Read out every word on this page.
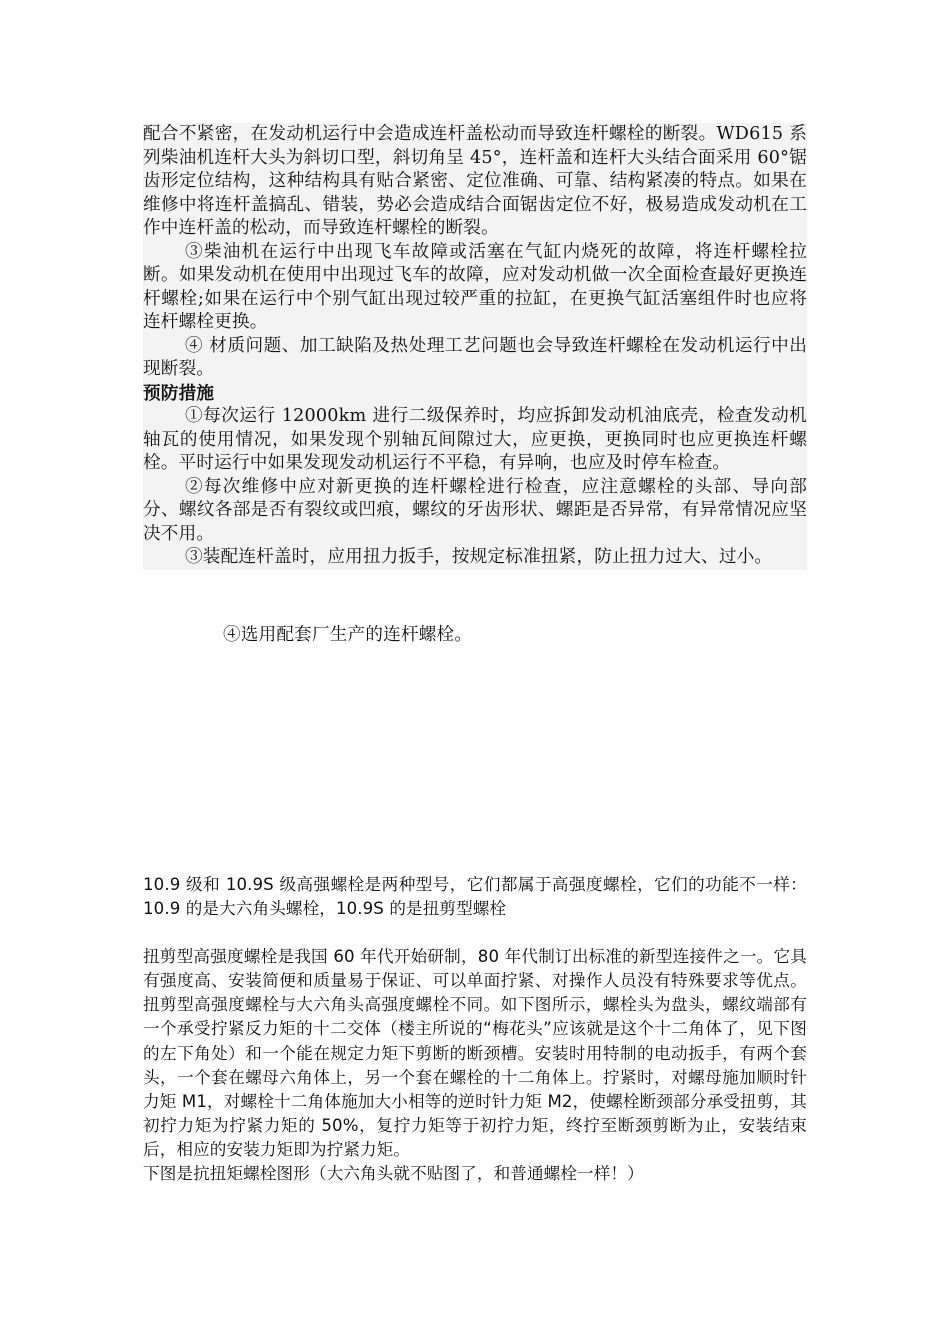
配合不紧密，在发动机运行中会造成连杆盖松动而导致连杆螺栓的断裂。WD615 系列柴油机连杆大头为斜切口型，斜切角呈 45°，连杆盖和连杆大头结合面采用 60°锯齿形定位结构，这种结构具有贴合紧密、定位准确、可靠、结构紧凑的特点。如果在维修中将连杆盖搞乱、错装，势必会造成结合面锯齿定位不好，极易造成发动机在工作中连杆盖的松动，而导致连杆螺栓的断裂。

③柴油机在运行中出现飞车故障或活塞在气缸内烧死的故障，将连杆螺栓拉断。如果发动机在使用中出现过飞车的故障，应对发动机做一次全面检查最好更换连杆螺栓;如果在运行中个别气缸出现过较严重的拉缸，在更换气缸活塞组件时也应将连杆螺栓更换。

④ 材质问题、加工缺陷及热处理工艺问题也会导致连杆螺栓在发动机运行中出现断裂。

预防措施

①每次运行 12000km 进行二级保养时，均应拆卸发动机油底壳，检查发动机轴瓦的使用情况，如果发现个别轴瓦间隙过大，应更换，更换同时也应更换连杆螺栓。平时运行中如果发现发动机运行不平稳，有异响，也应及时停车检查。

②每次维修中应对新更换的连杆螺栓进行检查，应注意螺栓的头部、导向部分、螺纹各部是否有裂纹或凹痕，螺纹的牙齿形状、螺距是否异常，有异常情况应坚决不用。

③装配连杆盖时，应用扭力扳手，按规定标准扭紧，防止扭力过大、过小。

④选用配套厂生产的连杆螺栓。

10.9 级和 10.9S 级高强螺栓是两种型号，它们都属于高强度螺栓，它们的功能不一样：10.9 的是大六角头螺栓，10.9S 的是扭剪型螺栓

扭剪型高强度螺栓是我国 60 年代开始研制，80 年代制订出标准的新型连接件之一。它具有强度高、安装简便和质量易于保证、可以单面拧紧、对操作人员没有特殊要求等优点。扭剪型高强度螺栓与大六角头高强度螺栓不同。如下图所示，螺栓头为盘头，螺纹端部有一个承受拧紧反力矩的十二交体（楼主所说的“梅花头”应该就是这个十二角体了，见下图的左下角处）和一个能在规定力矩下剪断的断颈槽。安装时用特制的电动扳手，有两个套头，一个套在螺母六角体上，另一个套在螺栓的十二角体上。拧紧时，对螺母施加顺时针力矩 M1，对螺栓十二角体施加大小相等的逆时针力矩 M2，使螺栓断颈部分承受扭剪，其初拧力矩为拧紧力矩的 50%，复拧力矩等于初拧力矩，终拧至断颈剪断为止，安装结束后，相应的安装力矩即为拧紧力矩。

下图是抗扭矩螺栓图形（大六角头就不贴图了，和普通螺栓一样！）
